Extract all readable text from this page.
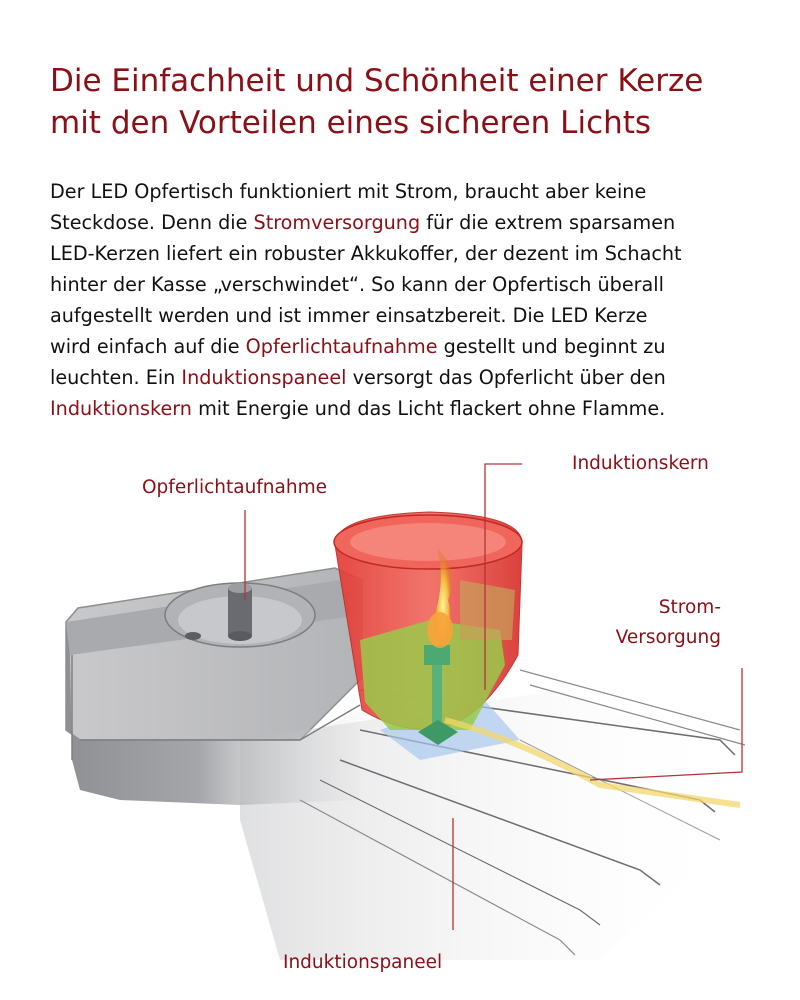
Die Einfachheit und Schönheit einer Kerze
mit den Vorteilen eines sicheren Lichts
Der LED Opfertisch funktioniert mit Strom, braucht aber keine
Steckdose. Denn die Stromversorgung für die extrem sparsamen
LED-Kerzen liefert ein robuster Akkukoffer, der dezent im Schacht
hinter der Kasse „verschwindet“. So kann der Opfertisch überall
aufgestellt werden und ist immer einsatzbereit. Die LED Kerze
wird einfach auf die Opferlichtaufnahme gestellt und beginnt zu
leuchten. Ein Induktionspaneel versorgt das Opferlicht über den
Induktionskern mit Energie und das Licht flackert ohne Flamme.
Opferlichtaufnahme
Induktionskern
Strom-
Versorgung
Induktionspaneel
